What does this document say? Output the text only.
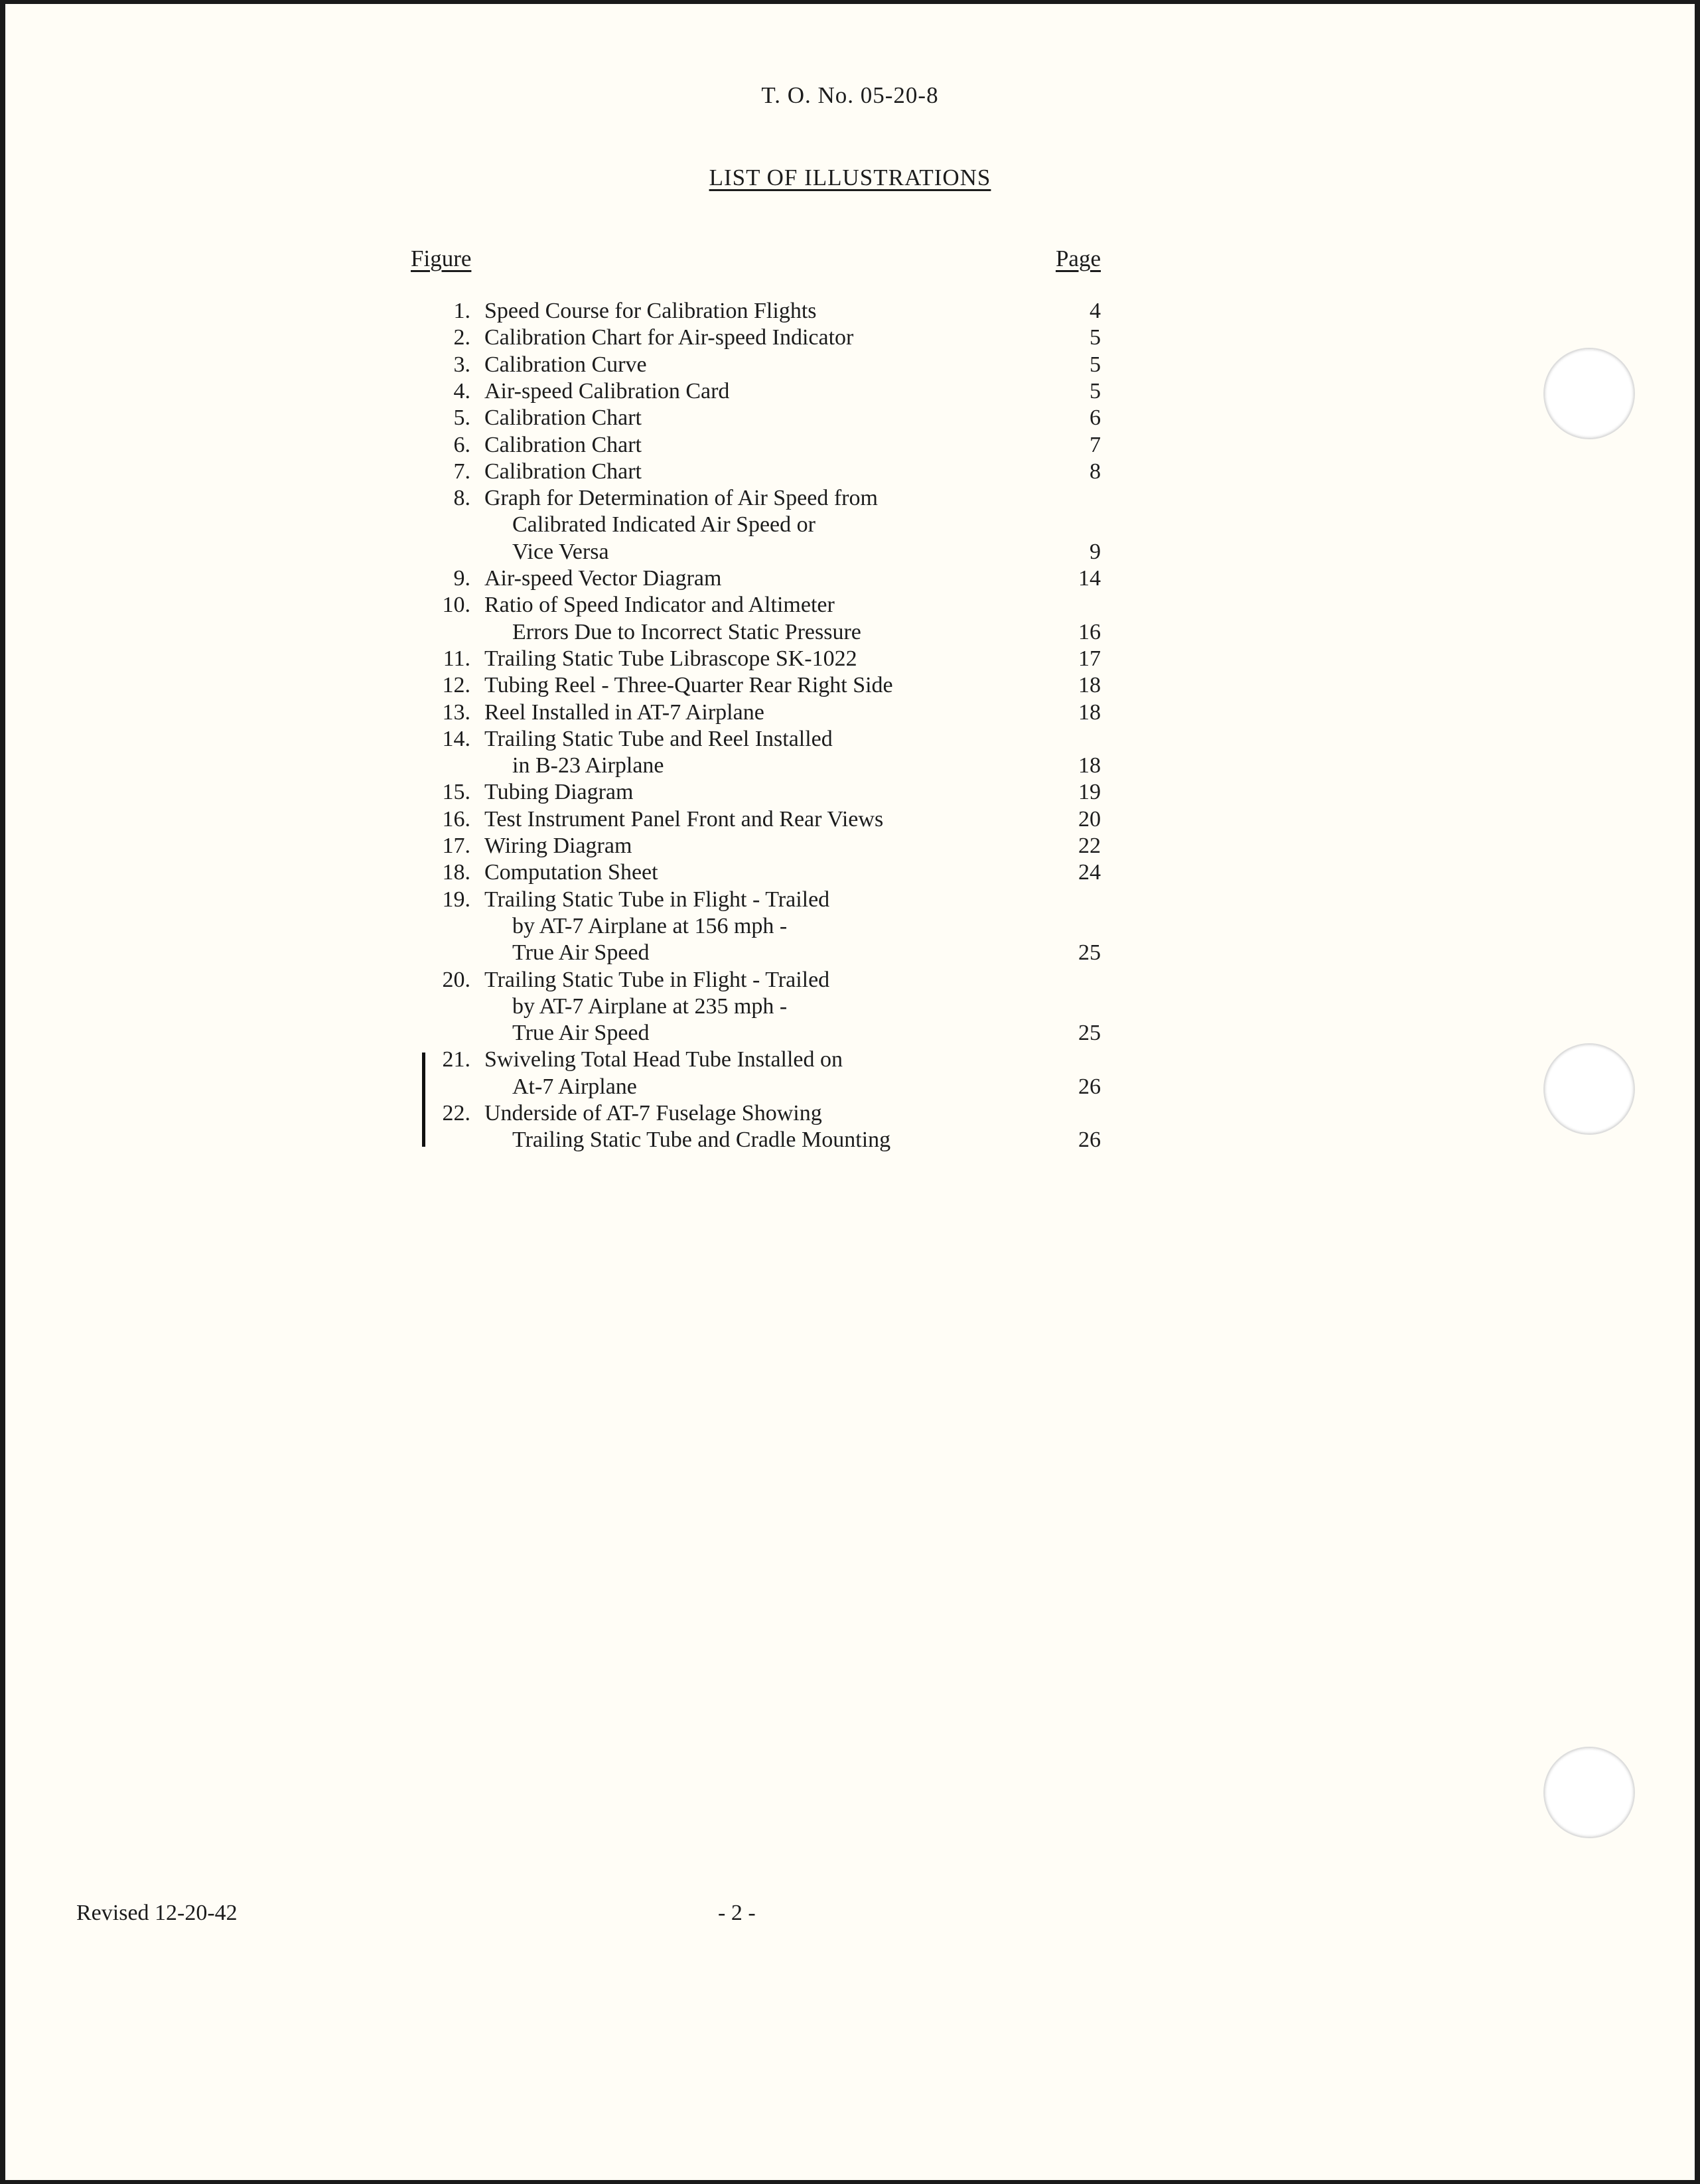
T. O. No. 05-20-8
LIST OF ILLUSTRATIONS
Figure	Page
1. Speed Course for Calibration Flights	4
2. Calibration Chart for Air-speed Indicator	5
3. Calibration Curve	5
4. Air-speed Calibration Card	5
5. Calibration Chart	6
6. Calibration Chart	7
7. Calibration Chart	8
8. Graph for Determination of Air Speed from
Calibrated Indicated Air Speed or
Vice Versa	9
9. Air-speed Vector Diagram	14
10. Ratio of Speed Indicator and Altimeter
Errors Due to Incorrect Static Pressure	16
11. Trailing Static Tube Librascope SK-1022	17
12. Tubing Reel - Three-Quarter Rear Right Side	18
13. Reel Installed in AT-7 Airplane	18
14. Trailing Static Tube and Reel Installed
in B-23 Airplane	18
15. Tubing Diagram	19
16. Test Instrument Panel Front and Rear Views	20
17. Wiring Diagram	22
18. Computation Sheet	24
19. Trailing Static Tube in Flight - Trailed
by AT-7 Airplane at 156 mph -
True Air Speed	25
20. Trailing Static Tube in Flight - Trailed
by AT-7 Airplane at 235 mph -
True Air Speed	25
21. Swiveling Total Head Tube Installed on
At-7 Airplane	26
22. Underside of AT-7 Fuselage Showing
Trailing Static Tube and Cradle Mounting	26
Revised 12-20-42	- 2 -
